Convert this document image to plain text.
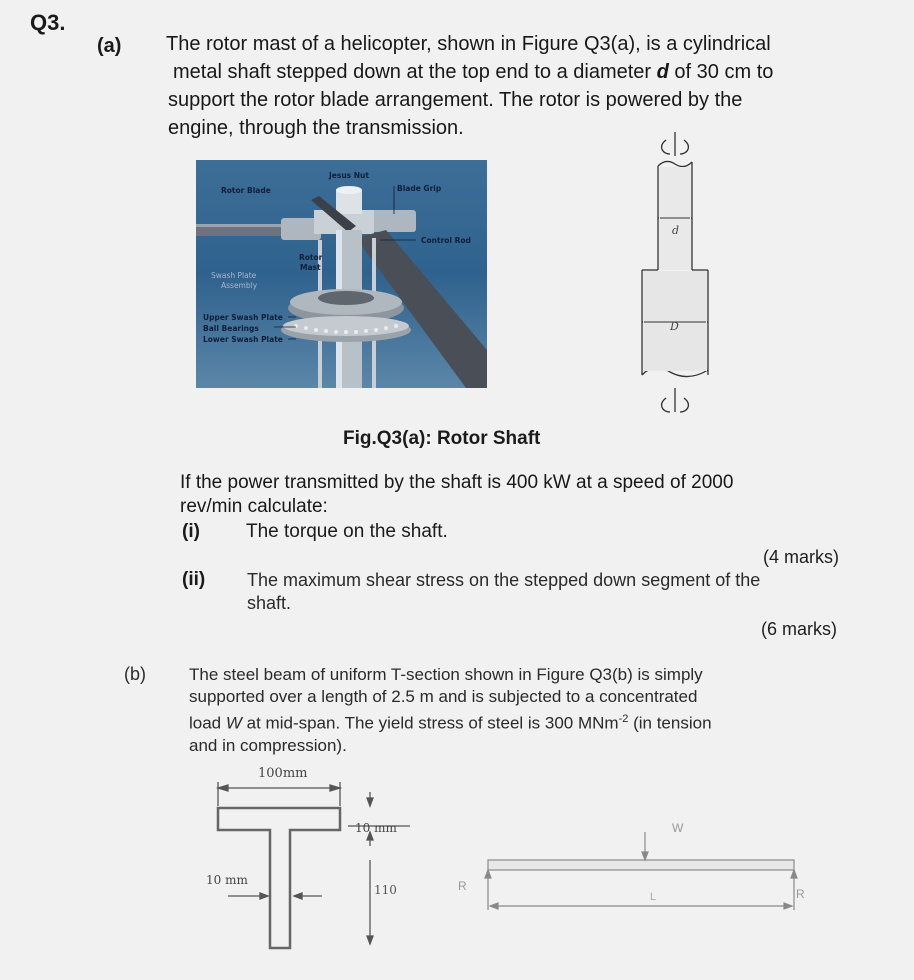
Q3.
(a) The rotor mast of a helicopter, shown in Figure Q3(a), is a cylindrical
metal shaft stepped down at the top end to a diameter d of 30 cm to
support the rotor blade arrangement. The rotor is powered by the
engine, through the transmission.
Rotor Blade
Jesus Nut
Blade Grip
Control Rod
Rotor
Mast
Swash Plate
Assembly
Upper Swash Plate
Ball Bearings
Lower Swash Plate
d
D
Fig.Q3(a): Rotor Shaft
If the power transmitted by the shaft is 400 kW at a speed of 2000
rev/min calculate:
(i) The torque on the shaft.
(4 marks)
(ii) The maximum shear stress on the stepped down segment of the
shaft.
(6 marks)
(b)	The steel beam of uniform T-section shown in Figure Q3(b) is simply
supported over a length of 2.5 m and is subjected to a concentrated
load W at mid-span. The yield stress of steel is 300 MNm$^{-2}$ (in tension
and in compression).
100mm
10 mm
10 mm
110
W
L
R
R
